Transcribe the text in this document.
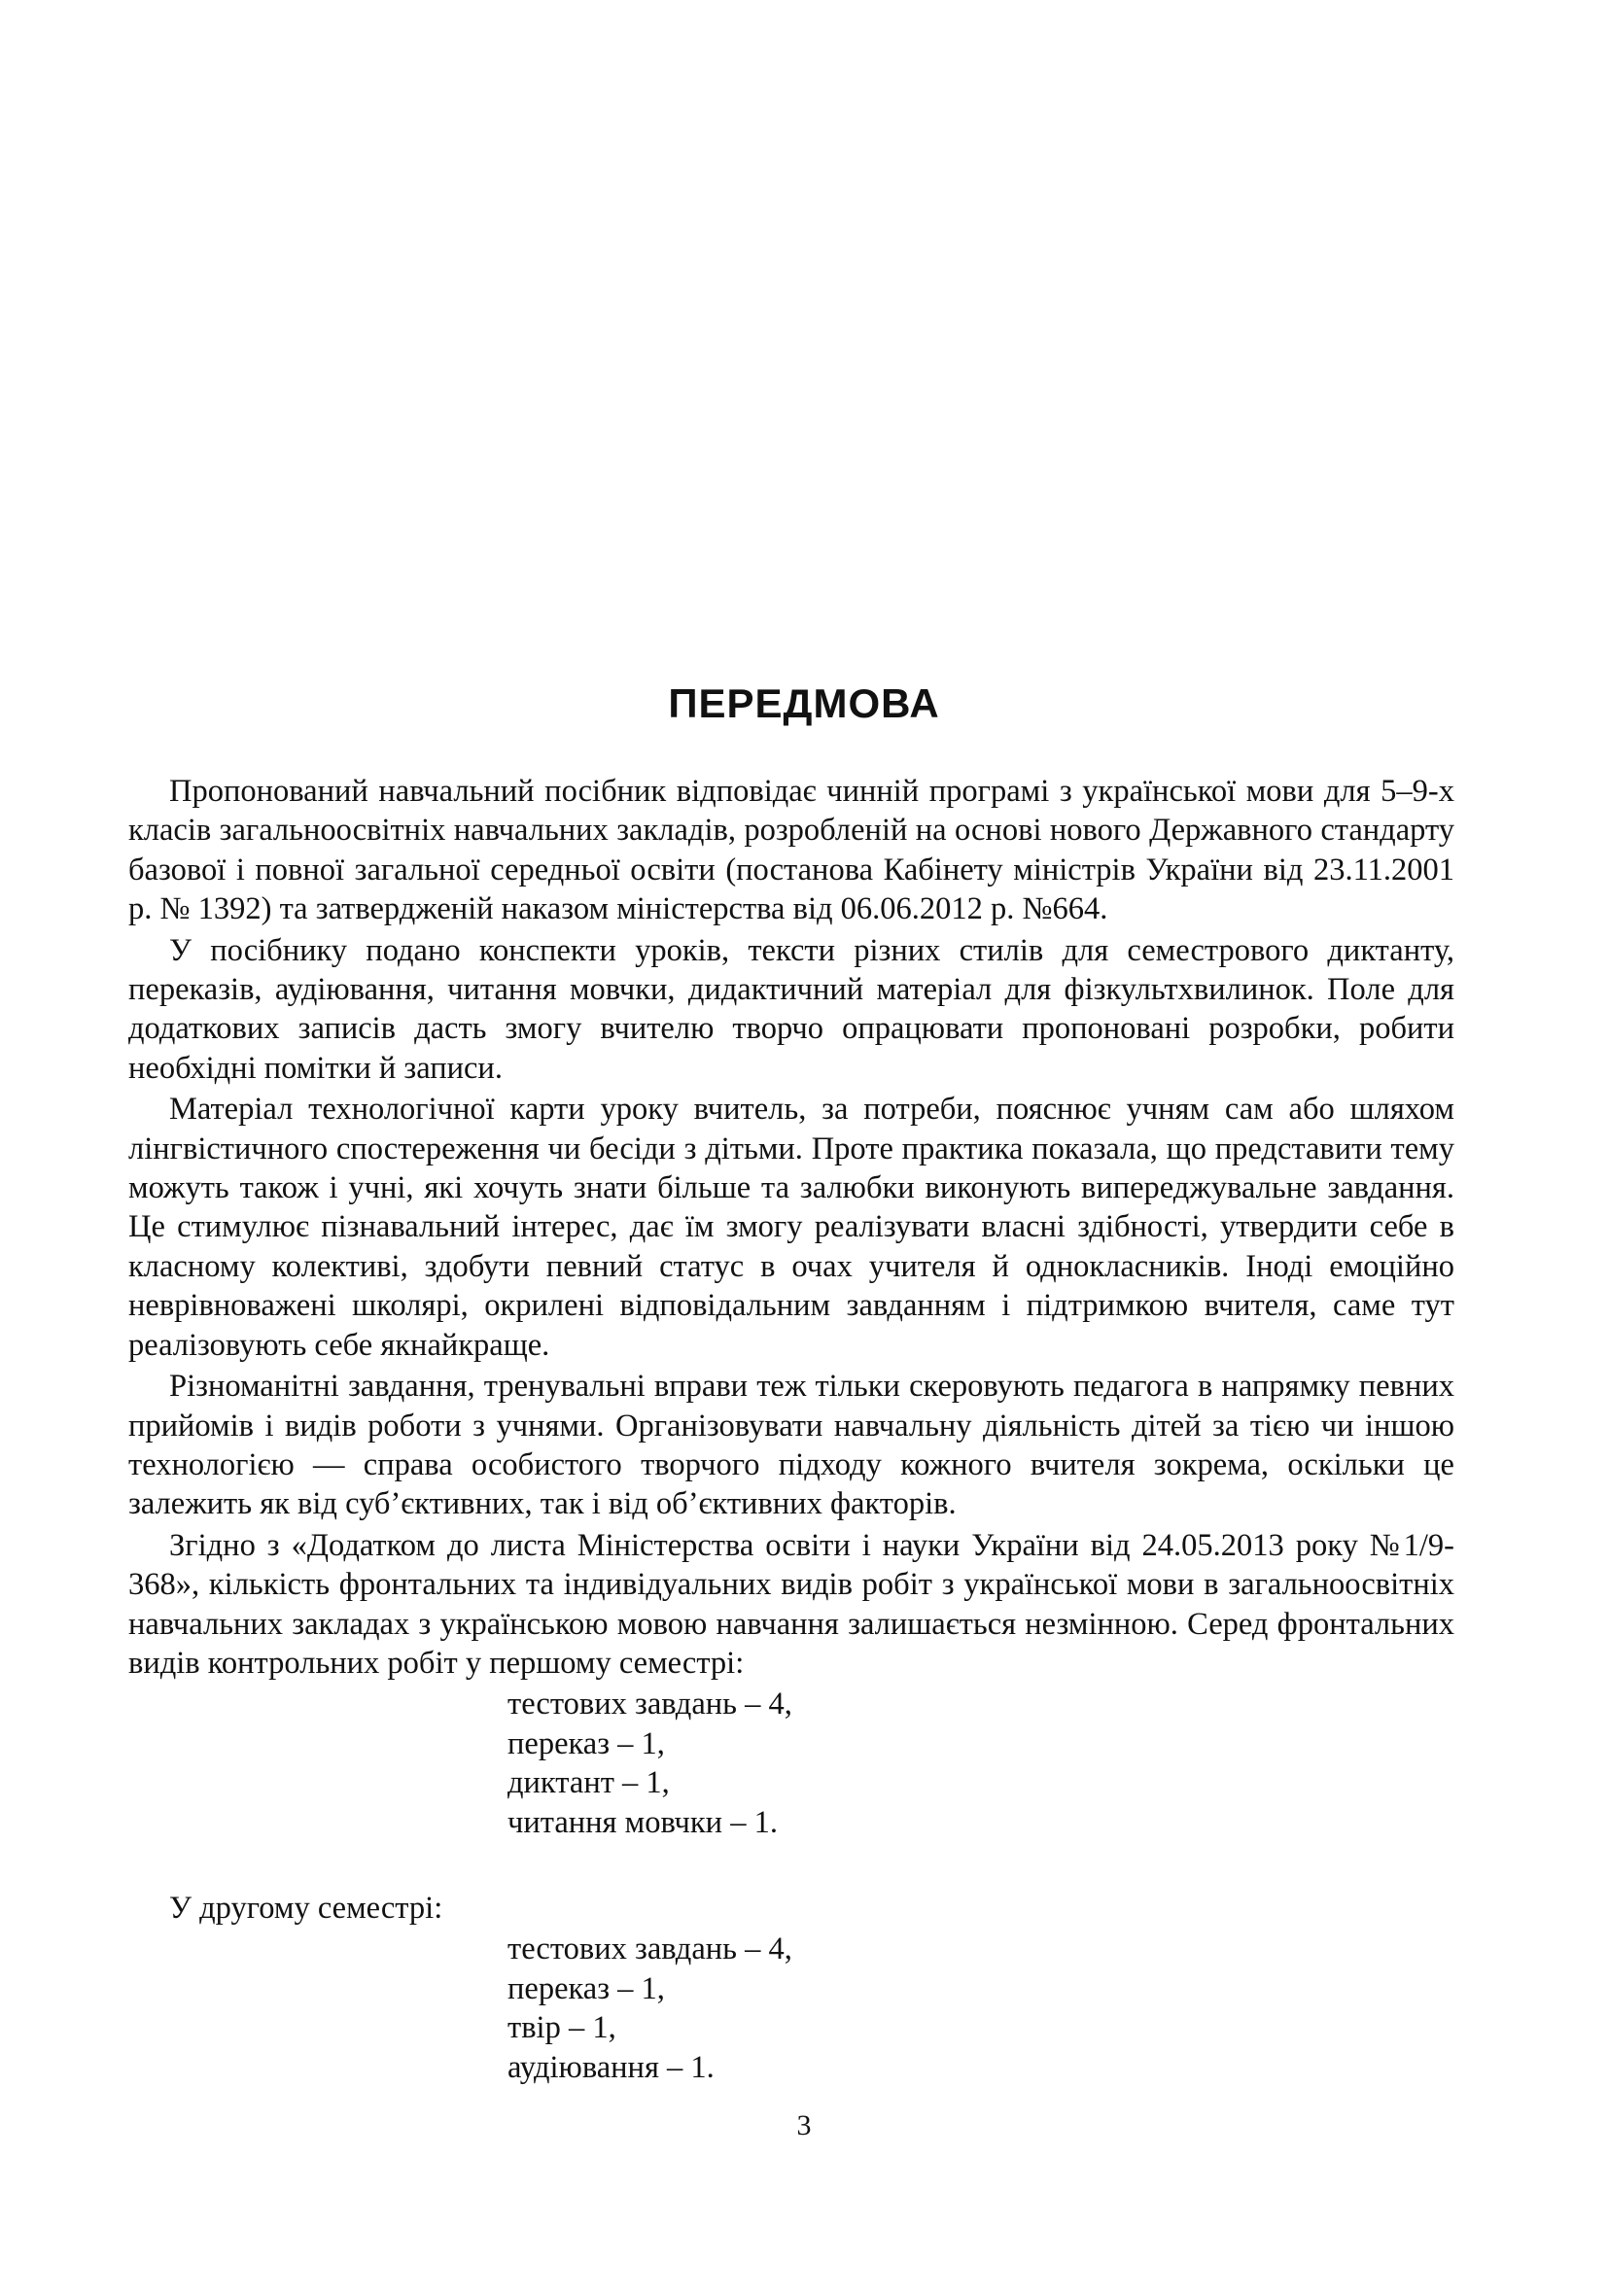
ПЕРЕДМОВА

Пропонований навчальний посібник відповідає чинній програмі з української мови для 5–9-х класів загальноосвітніх навчальних закладів, розробленій на основі нового Державного стандарту базової і повної загальної середньої освіти (постанова Кабінету міністрів України від 23.11.2001 р. № 1392) та затвердженій наказом міністерства від 06.06.2012 р. №664.

У посібнику подано конспекти уроків, тексти різних стилів для семестрового диктанту, переказів, аудіювання, читання мовчки, дидактичний матеріал для фізкультхвилинок. Поле для додаткових записів дасть змогу вчителю творчо опрацювати пропоновані розробки, робити необхідні помітки й записи.

Матеріал технологічної карти уроку вчитель, за потреби, пояснює учням сам або шляхом лінгвістичного спостереження чи бесіди з дітьми. Проте практика показала, що представити тему можуть також і учні, які хочуть знати більше та залюбки виконують випереджувальне завдання. Це стимулює пізнавальний інтерес, дає їм змогу реалізувати власні здібності, утвердити себе в класному колективі, здобути певний статус в очах учителя й однокласників. Іноді емоційно неврівноважені школярі, окрилені відповідальним завданням і підтримкою вчителя, саме тут реалізовують себе якнайкраще.

Різноманітні завдання, тренувальні вправи теж тільки скеровують педагога в напрямку певних прийомів і видів роботи з учнями. Організовувати навчальну діяльність дітей за тією чи іншою технологією — справа особистого творчого підходу кожного вчителя зокрема, оскільки це залежить як від суб’єктивних, так і від об’єктивних факторів.

Згідно з «Додатком до листа Міністерства освіти і науки України від 24.05.2013 року №1/9-368», кількість фронтальних та індивідуальних видів робіт з української мови в загальноосвітніх навчальних закладах з українською мовою навчання залишається незмінною. Серед фронтальних видів контрольних робіт у першому семестрі:

тестових завдань – 4,
переказ – 1,
диктант – 1,
читання мовчки – 1.
У другому семестрі:
тестових завдань – 4,
переказ – 1,
твір – 1,
аудіювання – 1.
3
